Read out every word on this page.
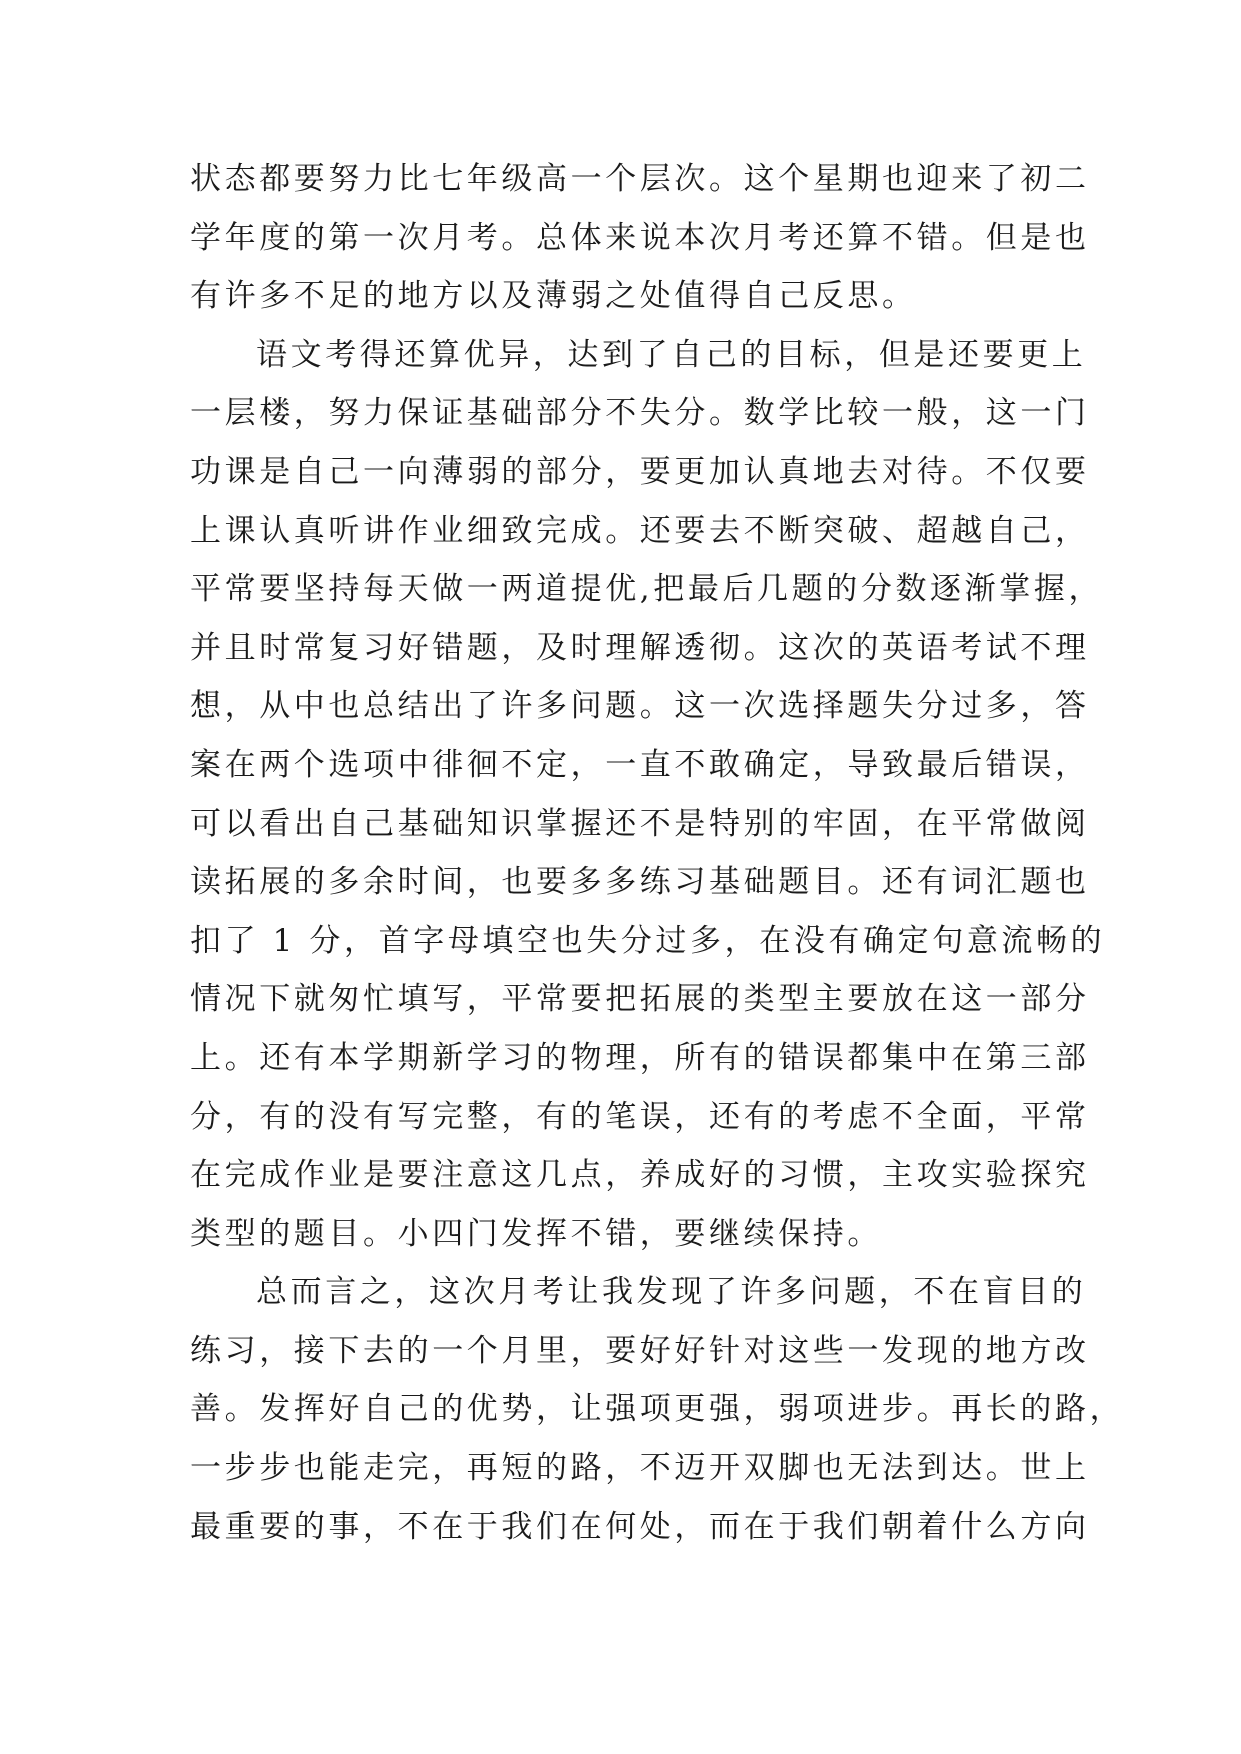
状态都要努力比七年级高一个层次。这个星期也迎来了初二
学年度的第一次月考。总体来说本次月考还算不错。但是也
有许多不足的地方以及薄弱之处值得自己反思。
语文考得还算优异，达到了自己的目标，但是还要更上
一层楼，努力保证基础部分不失分。数学比较一般，这一门
功课是自己一向薄弱的部分，要更加认真地去对待。不仅要
上课认真听讲作业细致完成。还要去不断突破、超越自己，
平常要坚持每天做一两道提优,把最后几题的分数逐渐掌握，
并且时常复习好错题，及时理解透彻。这次的英语考试不理
想，从中也总结出了许多问题。这一次选择题失分过多，答
案在两个选项中徘徊不定，一直不敢确定，导致最后错误，
可以看出自己基础知识掌握还不是特别的牢固，在平常做阅
读拓展的多余时间，也要多多练习基础题目。还有词汇题也
扣了 1 分，首字母填空也失分过多，在没有确定句意流畅的
情况下就匆忙填写，平常要把拓展的类型主要放在这一部分
上。还有本学期新学习的物理，所有的错误都集中在第三部
分，有的没有写完整，有的笔误，还有的考虑不全面，平常
在完成作业是要注意这几点，养成好的习惯，主攻实验探究
类型的题目。小四门发挥不错，要继续保持。
总而言之，这次月考让我发现了许多问题，不在盲目的
练习，接下去的一个月里，要好好针对这些一发现的地方改
善。发挥好自己的优势，让强项更强，弱项进步。再长的路，
一步步也能走完，再短的路，不迈开双脚也无法到达。世上
最重要的事，不在于我们在何处，而在于我们朝着什么方向
